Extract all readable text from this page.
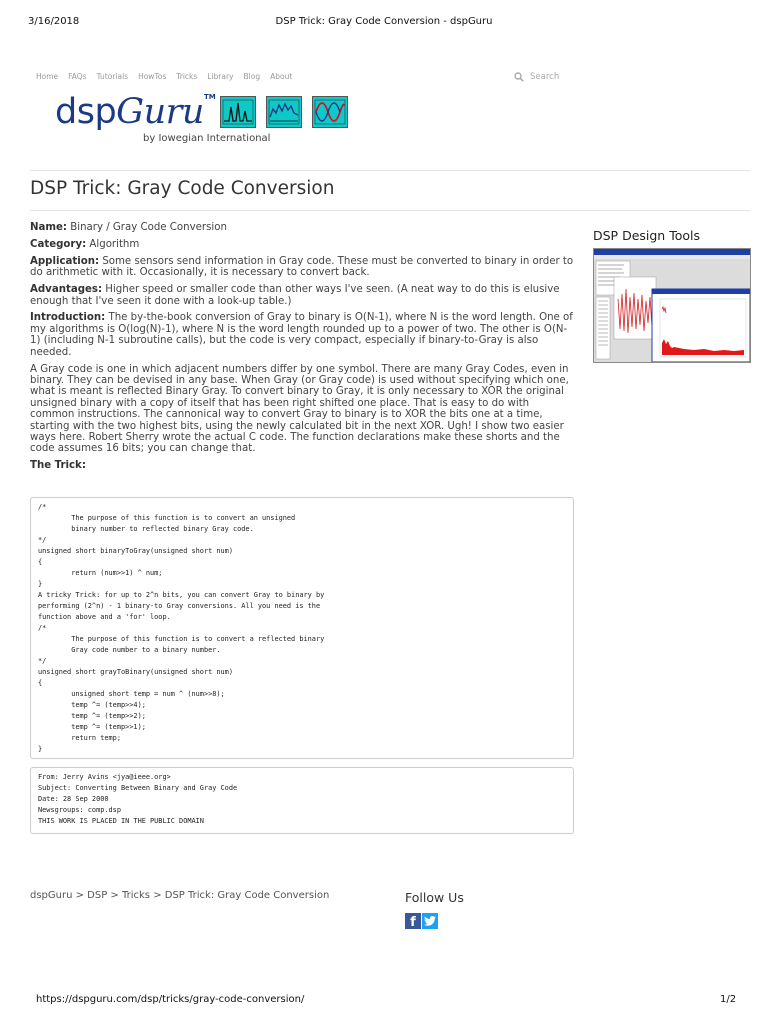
3/16/2018	DSP Trick: Gray Code Conversion - dspGuru
Home FAQs Tutorials HowTos Tricks Library Blog About	Search
dspGuru TM
by Iowegian International
DSP Trick: Gray Code Conversion

Name: Binary / Gray Code Conversion

Category: Algorithm

Application: Some sensors send information in Gray code. These must be converted to binary in order to do arithmetic with it. Occasionally, it is necessary to convert back.

Advantages: Higher speed or smaller code than other ways I've seen. (A neat way to do this is elusive enough that I've seen it done with a look-up table.)

Introduction: The by-the-book conversion of Gray to binary is O(N-1), where N is the word length. One of my algorithms is O(log(N)-1), where N is the word length rounded up to a power of two. The other is O(N-1) (including N-1 subroutine calls), but the code is very compact, especially if binary-to-Gray is also needed.

A Gray code is one in which adjacent numbers differ by one symbol. There are many Gray Codes, even in binary. They can be devised in any base. When Gray (or Gray code) is used without specifying which one, what is meant is reflected Binary Gray. To convert binary to Gray, it is only necessary to XOR the original unsigned binary with a copy of itself that has been right shifted one place. That is easy to do with common instructions. The cannonical way to convert Gray to binary is to XOR the bits one at a time, starting with the two highest bits, using the newly calculated bit in the next XOR. Ugh! I show two easier ways here. Robert Sherry wrote the actual C code. The function declarations make these shorts and the code assumes 16 bits; you can change that.

The Trick:

/*
The purpose of this function is to convert an unsigned
binary number to reflected binary Gray code.
*/
unsigned short binaryToGray(unsigned short num)
{
return (num>>1) ^ num;
}
A tricky Trick: for up to 2^n bits, you can convert Gray to binary by
performing (2^n) - 1 binary-to Gray conversions. All you need is the
function above and a 'for' loop.
/*
The purpose of this function is to convert a reflected binary
Gray code number to a binary number.
*/
unsigned short grayToBinary(unsigned short num)
{
unsigned short temp = num ^ (num>>8);
temp ^= (temp>>4);
temp ^= (temp>>2);
temp ^= (temp>>1);
return temp;
}
From: Jerry Avins <jya@ieee.org>
Subject: Converting Between Binary and Gray Code
Date: 28 Sep 2000
Newsgroups: comp.dsp
THIS WORK IS PLACED IN THE PUBLIC DOMAIN
DSP Design Tools
dspGuru > DSP > Tricks > DSP Trick: Gray Code Conversion	Follow Us
f
https://dspguru.com/dsp/tricks/gray-code-conversion/	1/2
